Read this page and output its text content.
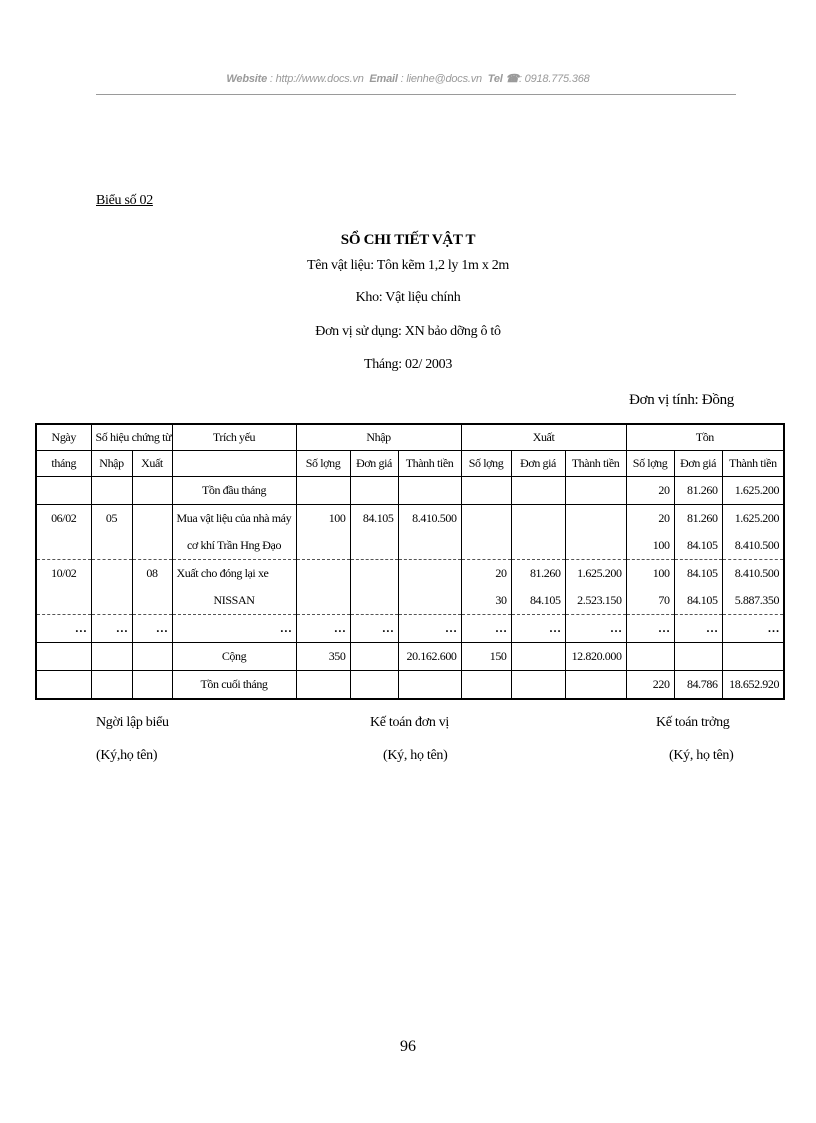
Website : http://www.docs.vn Email : lienhe@docs.vn Tel ☎: 0918.775.368
Biểu số 02
SỔ CHI TIẾT VẬT T
Tên vật liệu: Tôn kẽm 1,2 ly 1m x 2m
Kho: Vật liệu chính
Đơn vị sử dụng: XN bảo dỡng ô tô
Tháng: 02/ 2003
Đơn vị tính: Đồng
Ngày	Số hiệu chứng từ		Trích yếu	Nhập			Xuất			Tồn		
tháng	Nhập	Xuất		Số lợng	Đơn giá	Thành tiền	Số lợng	Đơn giá	Thành tiền	Số lợng	Đơn giá	Thành tiền
			Tồn đầu tháng							20	81.260	1.625.200
06/02	05		Mua vật liệu của nhà máy	100	84.105	8.410.500				20	81.260	1.625.200
			cơ khí Trần Hng Đạo							100	84.105	8.410.500
10/02		08	Xuất cho đóng lại xe				20	81.260	1.625.200	100	84.105	8.410.500
			NISSAN				30	84.105	2.523.150	70	84.105	5.887.350
…	…	…	…	…	…	…	…	…	…	…	…	…
			Cộng	350		20.162.600	150		12.820.000			
			Tồn cuối tháng							220	84.786	18.652.920
Ngời lập biểu
(Ký,họ tên)
Kế toán đơn vị
(Ký, họ tên)
Kế toán trởng
(Ký, họ tên)
96
